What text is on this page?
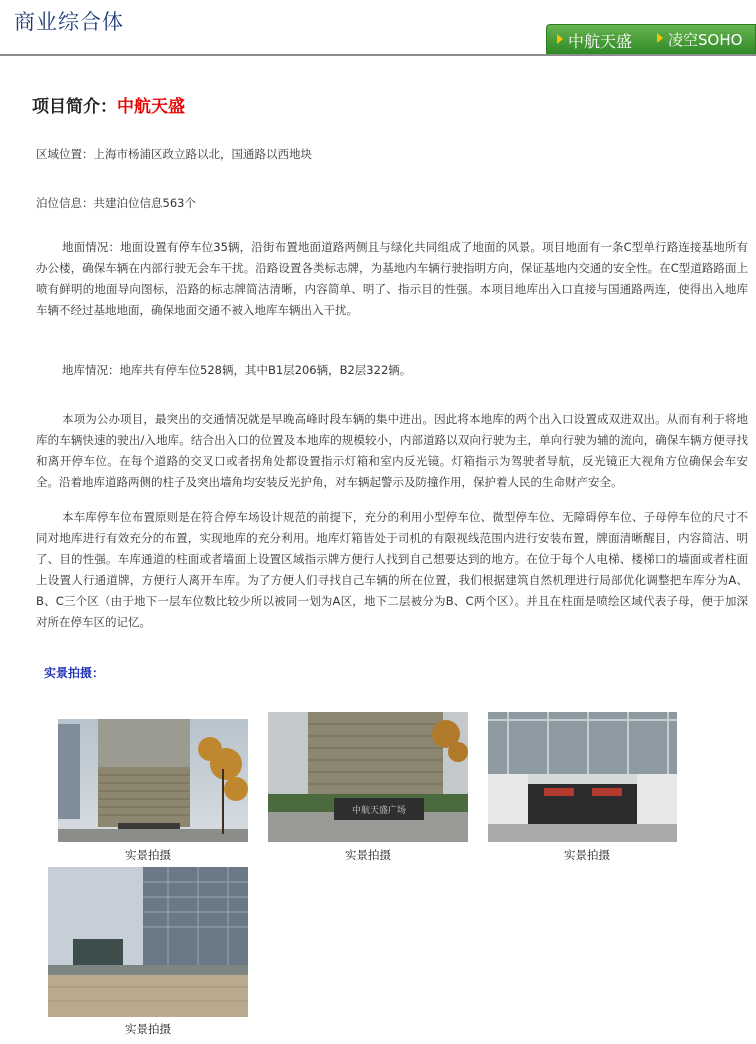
商业综合体
中航天盛	凌空SOHO
项目简介：中航天盛
区域位置：上海市杨浦区政立路以北，国通路以西地块
泊位信息：共建泊位信息563个

地面情况：地面设置有停车位35辆，沿街布置地面道路两侧且与绿化共同组成了地面的风景。项目地面有一条C型单行路连接基地所有办公楼，确保车辆在内部行驶无会车干扰。沿路设置各类标志牌，为基地内车辆行驶指明方向，保证基地内交通的安全性。在C型道路路面上喷有鲜明的地面导向图标，沿路的标志牌简洁清晰，内容简单、明了、指示目的性强。本项目地库出入口直接与国通路两连，使得出入地库车辆不经过基地地面，确保地面交通不被入地库车辆出入干扰。

地库情况：地库共有停车位528辆，其中B1层206辆，B2层322辆。

本项为公办项目，最突出的交通情况就是早晚高峰时段车辆的集中进出。因此将本地库的两个出入口设置成双进双出。从而有利于将地库的车辆快速的驶出/入地库。结合出入口的位置及本地库的规模较小，内部道路以双向行驶为主，单向行驶为辅的流向，确保车辆方便寻找和离开停车位。在每个道路的交叉口或者拐角处都设置指示灯箱和室内反光镜。灯箱指示为驾驶者导航，反光镜正大视角方位确保会车安全。沿着地库道路两侧的柱子及突出墙角均安装反光护角，对车辆起警示及防撞作用，保护着人民的生命财产安全。

本车库停车位布置原则是在符合停车场设计规范的前提下，充分的利用小型停车位、微型停车位、无障碍停车位、子母停车位的尺寸不同对地库进行有效充分的布置，实现地库的充分利用。地库灯箱皆处于司机的有限视线范围内进行安装布置，牌面清晰醒目，内容简洁、明了、目的性强。车库通道的柱面或者墙面上设置区域指示牌方便行人找到自己想要达到的地方。在位于每个人电梯、楼梯口的墙面或者柱面上设置人行通道牌，方便行人离开车库。为了方便人们寻找自己车辆的所在位置，我们根据建筑自然机理进行局部优化调整把车库分为A、B、C三个区（由于地下一层车位数比较少所以被同一划为A区，地下二层被分为B、C两个区）。并且在柱面是喷绘区域代表子母，便于加深对所在停车区的记忆。

实景拍摄：
实景拍摄
中航天盛广场
实景拍摄	实景拍摄
实景拍摄
